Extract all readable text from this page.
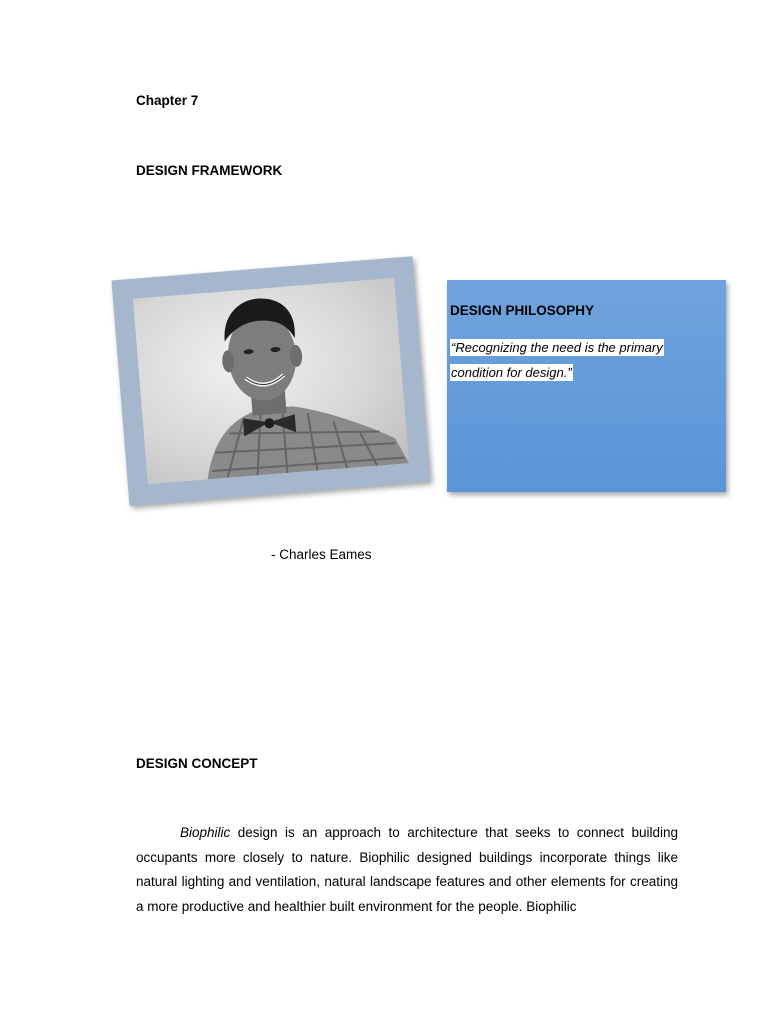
Chapter 7
DESIGN FRAMEWORK
DESIGN PHILOSOPHY
“Recognizing the need is the primary
condition for design.”
- Charles Eames
DESIGN CONCEPT
Biophilic design is an approach to architecture that seeks to connect building occupants more closely to nature. Biophilic designed buildings incorporate things like natural lighting and ventilation, natural landscape features and other elements for creating a more productive and healthier built environment for the people. Biophilic
